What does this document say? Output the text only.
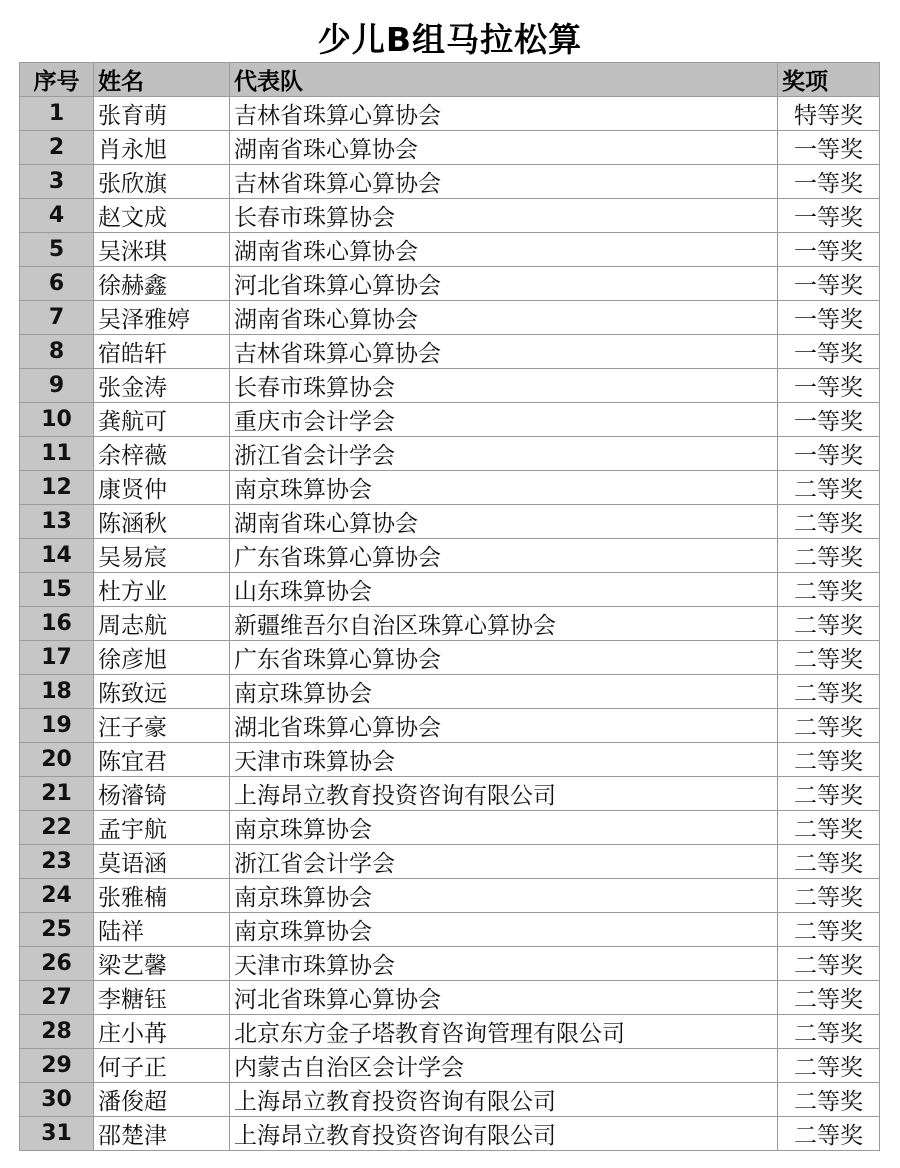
少儿B组马拉松算
序号	姓名	代表队	奖项
1	张育萌	吉林省珠算心算协会	特等奖
2	肖永旭	湖南省珠心算协会	一等奖
3	张欣旗	吉林省珠算心算协会	一等奖
4	赵文成	长春市珠算协会	一等奖
5	吴洣琪	湖南省珠心算协会	一等奖
6	徐赫鑫	河北省珠算心算协会	一等奖
7	吴泽雅婷	湖南省珠心算协会	一等奖
8	宿皓轩	吉林省珠算心算协会	一等奖
9	张金涛	长春市珠算协会	一等奖
10	龚航可	重庆市会计学会	一等奖
11	余梓薇	浙江省会计学会	一等奖
12	康贤仲	南京珠算协会	二等奖
13	陈涵秋	湖南省珠心算协会	二等奖
14	吴易宸	广东省珠算心算协会	二等奖
15	杜方业	山东珠算协会	二等奖
16	周志航	新疆维吾尔自治区珠算心算协会	二等奖
17	徐彦旭	广东省珠算心算协会	二等奖
18	陈致远	南京珠算协会	二等奖
19	汪子豪	湖北省珠算心算协会	二等奖
20	陈宜君	天津市珠算协会	二等奖
21	杨濬锜	上海昂立教育投资咨询有限公司	二等奖
22	孟宇航	南京珠算协会	二等奖
23	莫语涵	浙江省会计学会	二等奖
24	张雅楠	南京珠算协会	二等奖
25	陆祥	南京珠算协会	二等奖
26	梁艺馨	天津市珠算协会	二等奖
27	李糖钰	河北省珠算心算协会	二等奖
28	庄小苒	北京东方金子塔教育咨询管理有限公司	二等奖
29	何子正	内蒙古自治区会计学会	二等奖
30	潘俊超	上海昂立教育投资咨询有限公司	二等奖
31	邵楚津	上海昂立教育投资咨询有限公司	二等奖
